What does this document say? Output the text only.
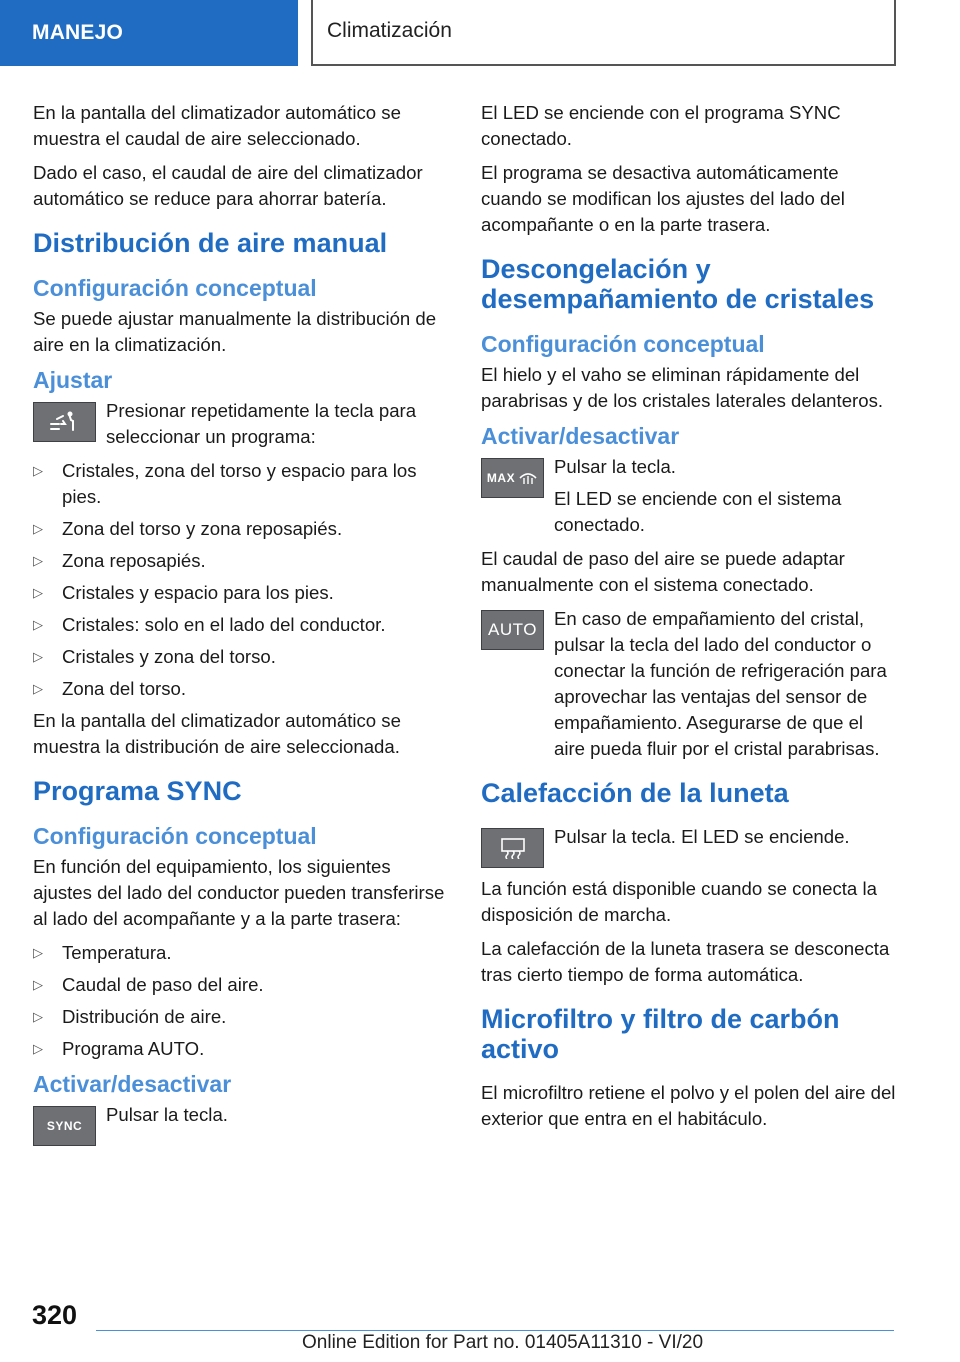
MANEJO	Climatización

En la pantalla del climatizador automático se muestra el caudal de aire seleccionado.

Dado el caso, el caudal de aire del climatizador automático se reduce para ahorrar batería.

Distribución de aire manual
Configuración conceptual

Se puede ajustar manualmente la distribución de aire en la climatización.

Ajustar

Presionar repetidamente la tecla para seleccionar un programa:

▷ Cristales, zona del torso y espacio para los pies.
▷ Zona del torso y zona reposapiés.
▷ Zona reposapiés.
▷ Cristales y espacio para los pies.
▷ Cristales: solo en el lado del conductor.
▷ Cristales y zona del torso.
▷ Zona del torso.

En la pantalla del climatizador automático se muestra la distribución de aire seleccionada.

Programa SYNC
Configuración conceptual

En función del equipamiento, los siguientes ajustes del lado del conductor pueden transferirse al lado del acompañante y a la parte trasera:

▷ Temperatura.
▷ Caudal de paso del aire.
▷ Distribución de aire.
▷ Programa AUTO.
Activar/desactivar
SYNC

Pulsar la tecla.

El LED se enciende con el programa SYNC conectado.

El programa se desactiva automáticamente cuando se modifican los ajustes del lado del acompañante o en la parte trasera.

Descongelación y desempañamiento de cristales
Configuración conceptual

El hielo y el vaho se eliminan rápidamente del parabrisas y de los cristales laterales delanteros.

Activar/desactivar
MAX

Pulsar la tecla.

El LED se enciende con el sistema conectado.

El caudal de paso del aire se puede adaptar manualmente con el sistema conectado.

AUTO

En caso de empañamiento del cristal, pulsar la tecla del lado del conductor o conectar la función de refrigeración para aprovechar las ventajas del sensor de empañamiento. Asegurarse de que el aire pueda fluir por el cristal parabrisas.

Calefacción de la luneta

Pulsar la tecla. El LED se enciende.

La función está disponible cuando se conecta la disposición de marcha.

La calefacción de la luneta trasera se desconecta tras cierto tiempo de forma automática.

Microfiltro y filtro de carbón activo

El microfiltro retiene el polvo y el polen del aire del exterior que entra en el habitáculo.

320
Online Edition for Part no. 01405A11310 - VI/20
